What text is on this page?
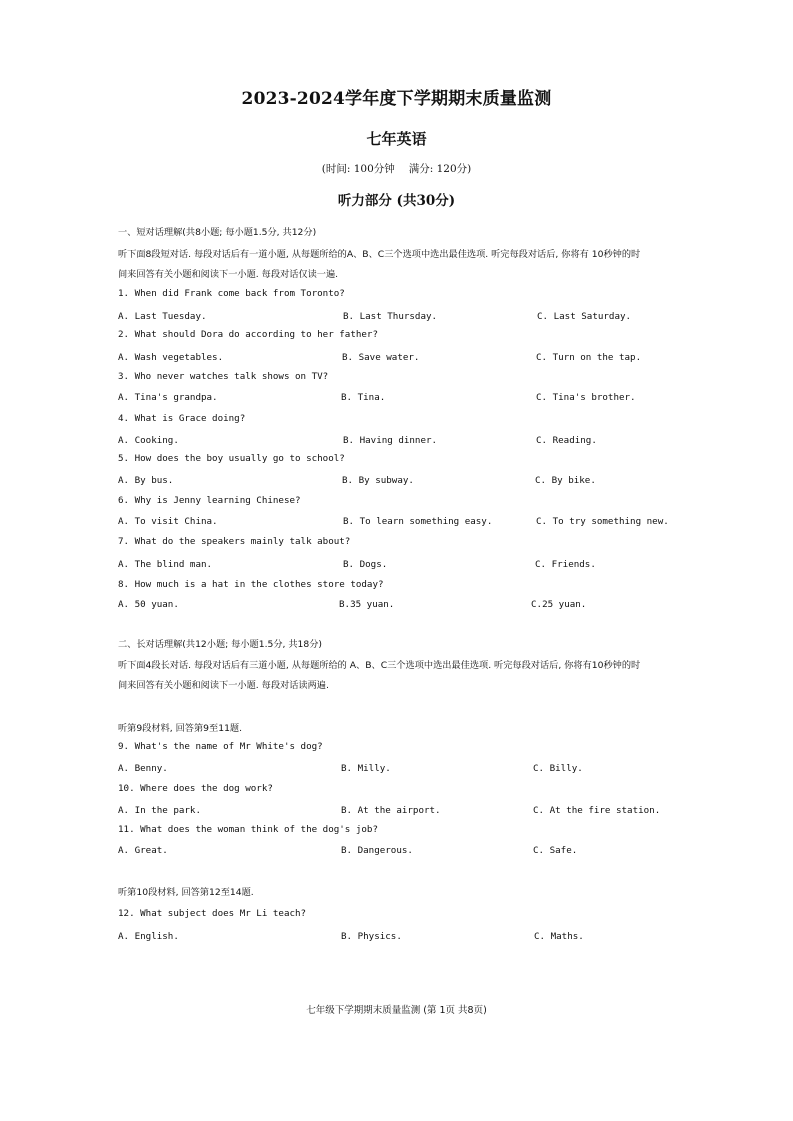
2023-2024学年度下学期期末质量监测
七年英语
(时间: 100分钟 满分: 120分)
听力部分 (共30分)
一、短对话理解(共8小题; 每小题1.5分, 共12分)
听下面8段短对话. 每段对话后有一道小题, 从每题所给的A、B、C三个选项中选出最佳选项. 听完每段对话后, 你将有 10秒钟的时
间来回答有关小题和阅读下一小题. 每段对话仅读一遍.
1. When did Frank come back from Toronto?
A. Last Tuesday.	B. Last Thursday.	C. Last Saturday.
2. What should Dora do according to her father?
A. Wash vegetables.	B. Save water.	C. Turn on the tap.
3. Who never watches talk shows on TV?
A. Tina's grandpa.	B. Tina.	C. Tina's brother.
4. What is Grace doing?
A. Cooking.	B. Having dinner.	C. Reading.
5. How does the boy usually go to school?
A. By bus.	B. By subway.	C. By bike.
6. Why is Jenny learning Chinese?
A. To visit China.	B. To learn something easy.	C. To try something new.
7. What do the speakers mainly talk about?
A. The blind man.	B. Dogs.	C. Friends.
8. How much is a hat in the clothes store today?
A. 50 yuan.	B.35 yuan.	C.25 yuan.
二、长对话理解(共12小题; 每小题1.5分, 共18分)
听下面4段长对话. 每段对话后有三道小题, 从每题所给的 A、B、C三个选项中选出最佳选项. 听完每段对话后, 你将有10秒钟的时
间来回答有关小题和阅读下一小题. 每段对话读两遍.
听第9段材料, 回答第9至11题.
9. What's the name of Mr White's dog?
A. Benny.	B. Milly.	C. Billy.
10. Where does the dog work?
A. In the park.	B. At the airport.	C. At the fire station.
11. What does the woman think of the dog's job?
A. Great.	B. Dangerous.	C. Safe.
听第10段材料, 回答第12至14题.
12. What subject does Mr Li teach?
A. English.	B. Physics.	C. Maths.
七年级下学期期末质量监测 (第 1页 共8页)
